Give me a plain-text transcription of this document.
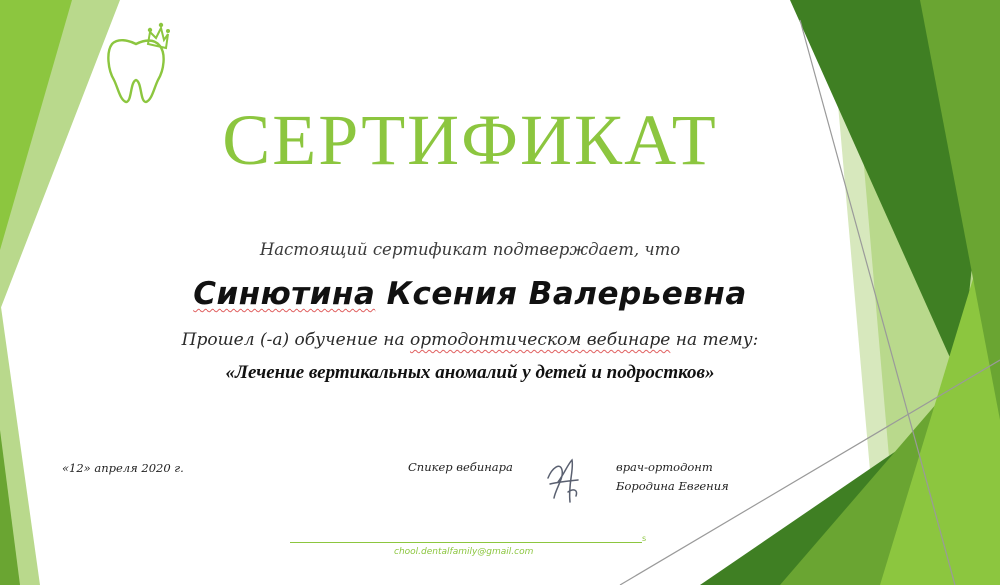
СЕРТИФИКАТ
Настоящий сертификат подтверждает, что
Синютина Ксения Валерьевна
Прошел (-а) обучение на ортодонтическом вебинаре на тему:
«Лечение вертикальных аномалий у детей и подростков»
«12» апреля 2020 г.	Спикер вебинара	врач-ортодонт
Бородина Евгения
s
chool.dentalfamily@gmail.com
